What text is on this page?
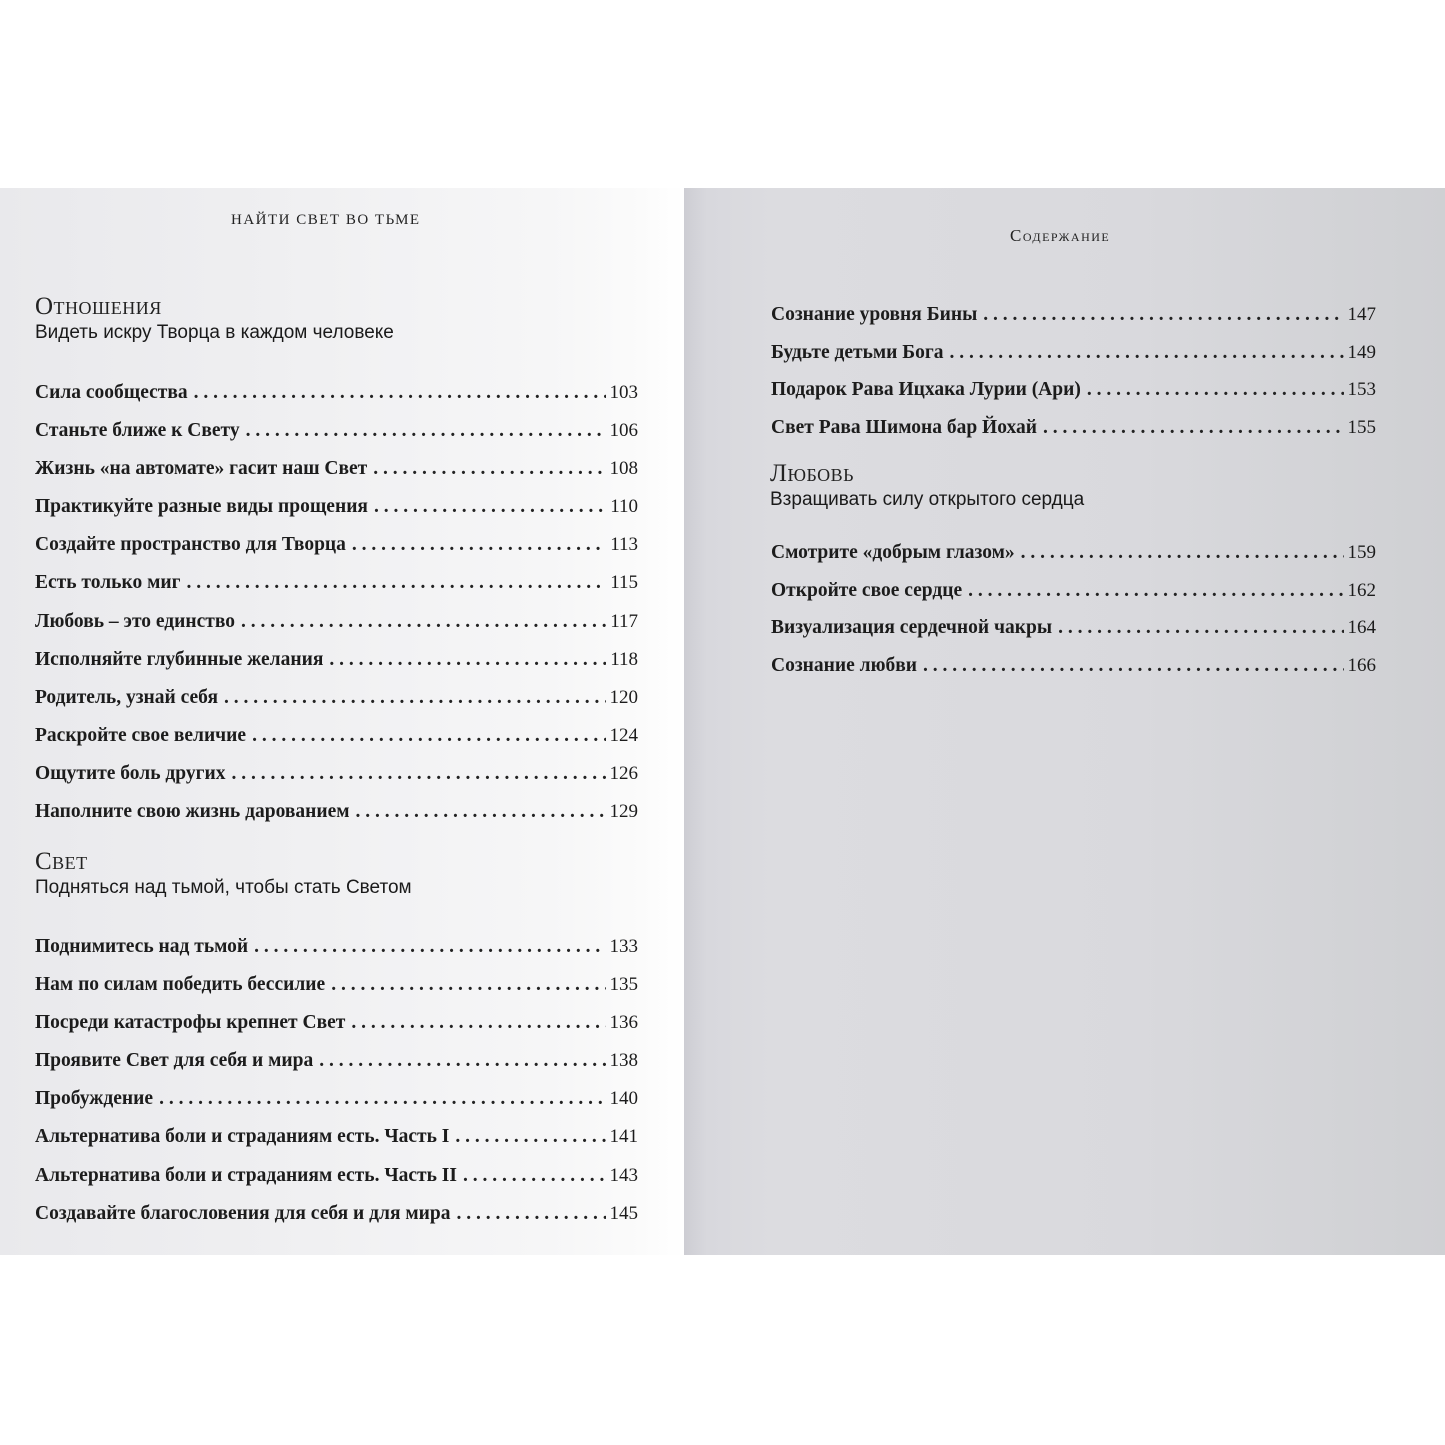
НАЙТИ СВЕТ ВО ТЬМЕ
Отношения
Видеть искру Творца в каждом человеке
Сила сообщества . . .	103
Станьте ближе к Свету . . .	106
Жизнь «на автомате» гасит наш Свет . . .	108
Практикуйте разные виды прощения . . .	110
Создайте пространство для Творца . . .	113
Есть только миг . . .	115
Любовь – это единство . . .	117
Исполняйте глубинные желания . . .	118
Родитель, узнай себя . . .	120
Раскройте свое величие . . .	124
Ощутите боль других . . .	126
Наполните свою жизнь дарованием . . .	129
Свет
Подняться над тьмой, чтобы стать Светом
Поднимитесь над тьмой . . .	133
Нам по силам победить бессилие . . .	135
Посреди катастрофы крепнет Свет . . .	136
Проявите Свет для себя и мира . . .	138
Пробуждение . . .	140
Альтернатива боли и страданиям есть. Часть I . . .	141
Альтернатива боли и страданиям есть. Часть II . . .	143
Создавайте благословения для себя и для мира . . .	145
Содержание
Сознание уровня Бины . . .	147
Будьте детьми Бога . . .	149
Подарок Рава Ицхака Лурии (Ари) . . .	153
Свет Рава Шимона бар Йохай . . .	155
Любовь
Взращивать силу открытого сердца
Смотрите «добрым глазом» . . .	159
Откройте свое сердце . . .	162
Визуализация сердечной чакры . . .	164
Сознание любви . . .	166
